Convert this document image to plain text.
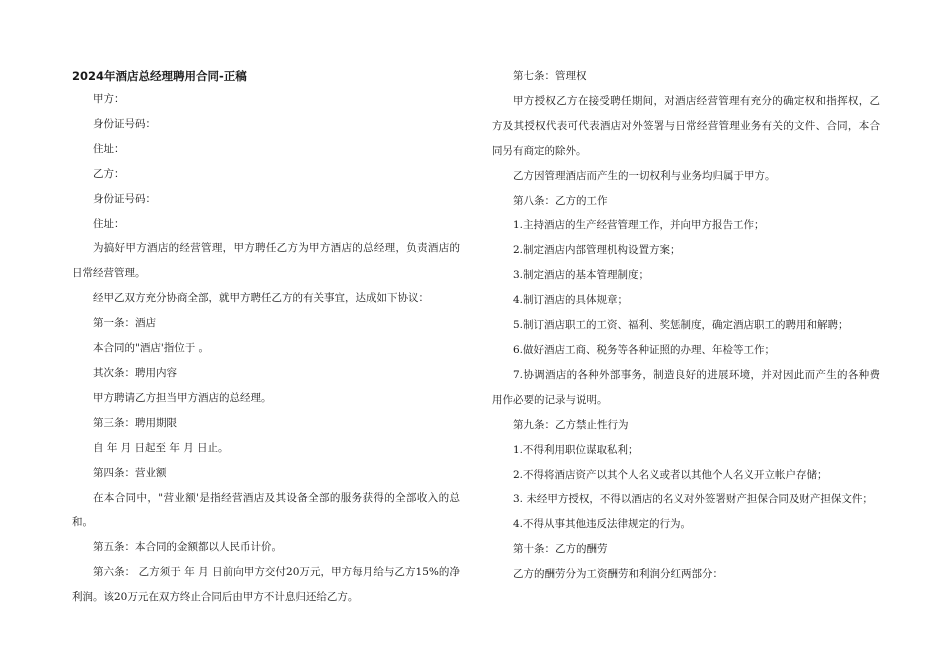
2024年酒店总经理聘用合同-正稿

甲方：

身份证号码：

住址：

乙方：

身份证号码：

住址：

为搞好甲方酒店的经营管理，甲方聘任乙方为甲方酒店的总经理，负责酒店的日常经营管理。

经甲乙双方充分协商全部，就甲方聘任乙方的有关事宜，达成如下协议：

第一条：酒店

本合同的"酒店'指位于 。

其次条：聘用内容

甲方聘请乙方担当甲方酒店的总经理。

第三条：聘用期限

自 年 月 日起至 年 月 日止。

第四条：营业额

在本合同中，"营业额'是指经营酒店及其设备全部的服务获得的全部收入的总和。

第五条：本合同的金额都以人民币计价。

第六条： 乙方须于 年 月 日前向甲方交付20万元，甲方每月给与乙方15%的净利润。该20万元在双方终止合同后由甲方不计息归还给乙方。

第七条：管理权

甲方授权乙方在接受聘任期间，对酒店经营管理有充分的确定权和指挥权，乙方及其授权代表可代表酒店对外签署与日常经营管理业务有关的文件、合同，本合同另有商定的除外。

乙方因管理酒店而产生的一切权利与业务均归属于甲方。

第八条：乙方的工作

1.主持酒店的生产经营管理工作，并向甲方报告工作；

2.制定酒店内部管理机构设置方案；

3.制定酒店的基本管理制度；

4.制订酒店的具体规章；

5.制订酒店职工的工资、福利、奖惩制度，确定酒店职工的聘用和解聘；

6.做好酒店工商、税务等各种证照的办理、年检等工作；

7.协调酒店的各种外部事务，制造良好的进展环境，并对因此而产生的各种费用作必要的记录与说明。

第九条：乙方禁止性行为

1.不得利用职位谋取私利；

2.不得将酒店资产以其个人名义或者以其他个人名义开立帐户存储；

3. 未经甲方授权，不得以酒店的名义对外签署财产担保合同及财产担保文件；

4.不得从事其他违反法律规定的行为。

第十条：乙方的酬劳

乙方的酬劳分为工资酬劳和利润分红两部分：
